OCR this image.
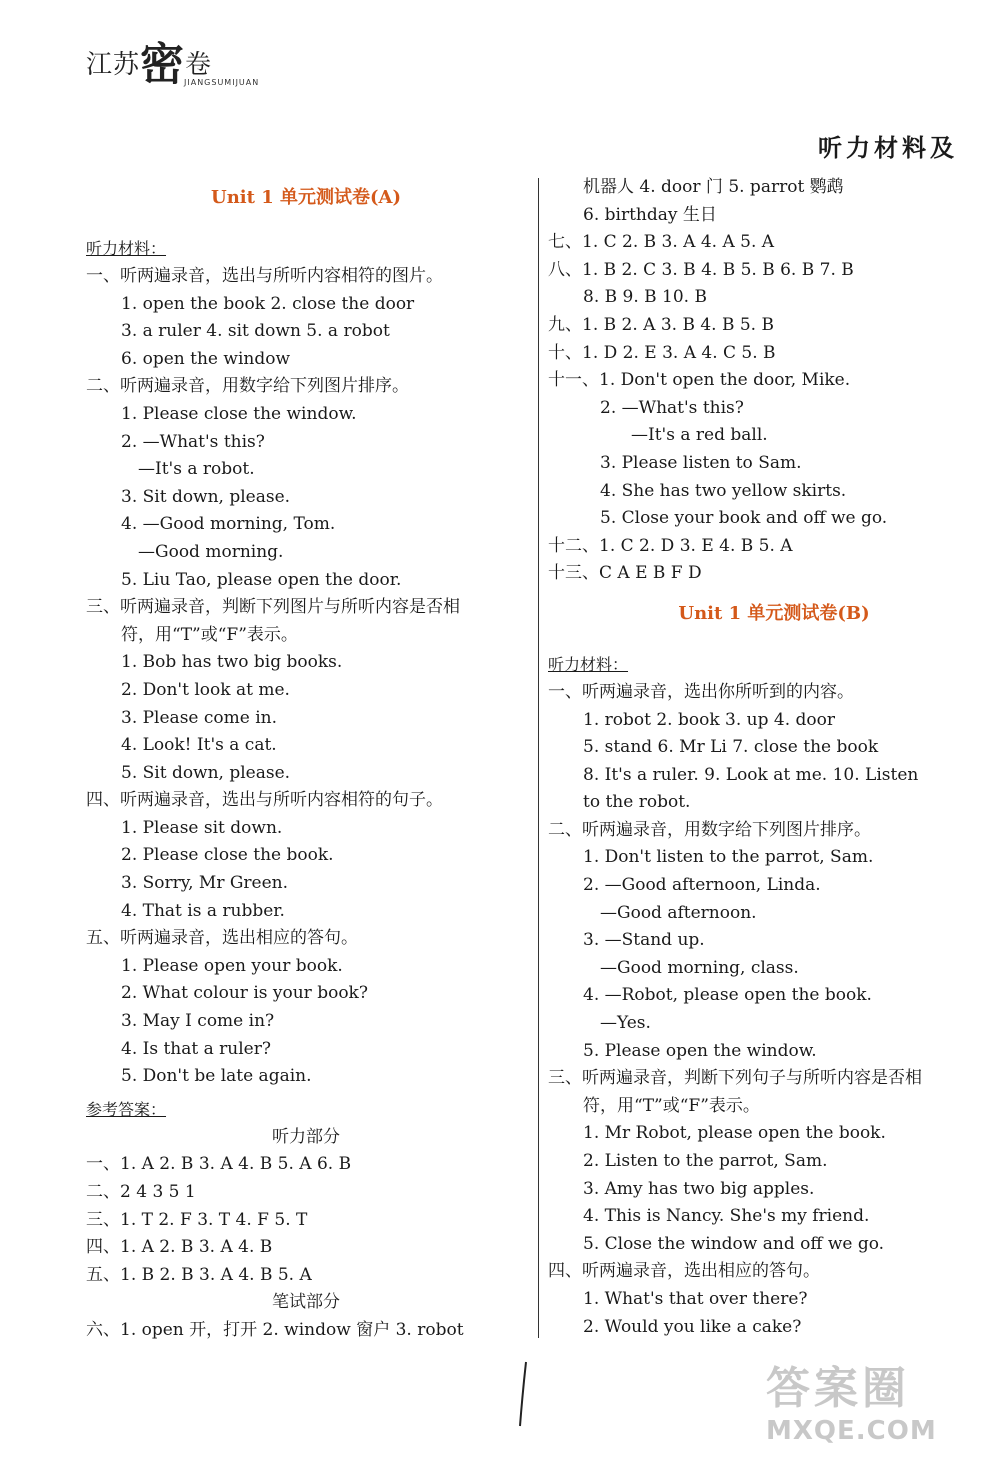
江苏密卷
JIANGSUMIJUAN
听力材料及
Unit 1 单元测试卷(A)
听力材料：
一、听两遍录音，选出与所听内容相符的图片。
1. open the book 2. close the door
3. a ruler 4. sit down 5. a robot
6. open the window
二、听两遍录音，用数字给下列图片排序。
1. Please close the window.
2. —What's this?
—It's a robot.
3. Sit down, please.
4. —Good morning, Tom.
—Good morning.
5. Liu Tao, please open the door.
三、听两遍录音，判断下列图片与所听内容是否相
符，用“T”或“F”表示。
1. Bob has two big books.
2. Don't look at me.
3. Please come in.
4. Look! It's a cat.
5. Sit down, please.
四、听两遍录音，选出与所听内容相符的句子。
1. Please sit down.
2. Please close the book.
3. Sorry, Mr Green.
4. That is a rubber.
五、听两遍录音，选出相应的答句。
1. Please open your book.
2. What colour is your book?
3. May I come in?
4. Is that a ruler?
5. Don't be late again.
参考答案：
听力部分
一、1. A 2. B 3. A 4. B 5. A 6. B
二、2 4 3 5 1
三、1. T 2. F 3. T 4. F 5. T
四、1. A 2. B 3. A 4. B
五、1. B 2. B 3. A 4. B 5. A
笔试部分
六、1. open 开，打开 2. window 窗户 3. robot
机器人 4. door 门 5. parrot 鹦鹉
6. birthday 生日
七、1. C 2. B 3. A 4. A 5. A
八、1. B 2. C 3. B 4. B 5. B 6. B 7. B
8. B 9. B 10. B
九、1. B 2. A 3. B 4. B 5. B
十、1. D 2. E 3. A 4. C 5. B
十一、1. Don't open the door, Mike.
2. —What's this?
—It's a red ball.
3. Please listen to Sam.
4. She has two yellow skirts.
5. Close your book and off we go.
十二、1. C 2. D 3. E 4. B 5. A
十三、C A E B F D
Unit 1 单元测试卷(B)
听力材料：
一、听两遍录音，选出你所听到的内容。
1. robot 2. book 3. up 4. door
5. stand 6. Mr Li 7. close the book
8. It's a ruler. 9. Look at me. 10. Listen
to the robot.
二、听两遍录音，用数字给下列图片排序。
1. Don't listen to the parrot, Sam.
2. —Good afternoon, Linda.
—Good afternoon.
3. —Stand up.
—Good morning, class.
4. —Robot, please open the book.
—Yes.
5. Please open the window.
三、听两遍录音，判断下列句子与所听内容是否相
符，用“T”或“F”表示。
1. Mr Robot, please open the book.
2. Listen to the parrot, Sam.
3. Amy has two big apples.
4. This is Nancy. She's my friend.
5. Close the window and off we go.
四、听两遍录音，选出相应的答句。
1. What's that over there?
2. Would you like a cake?
答案圈
MXQE.COM
